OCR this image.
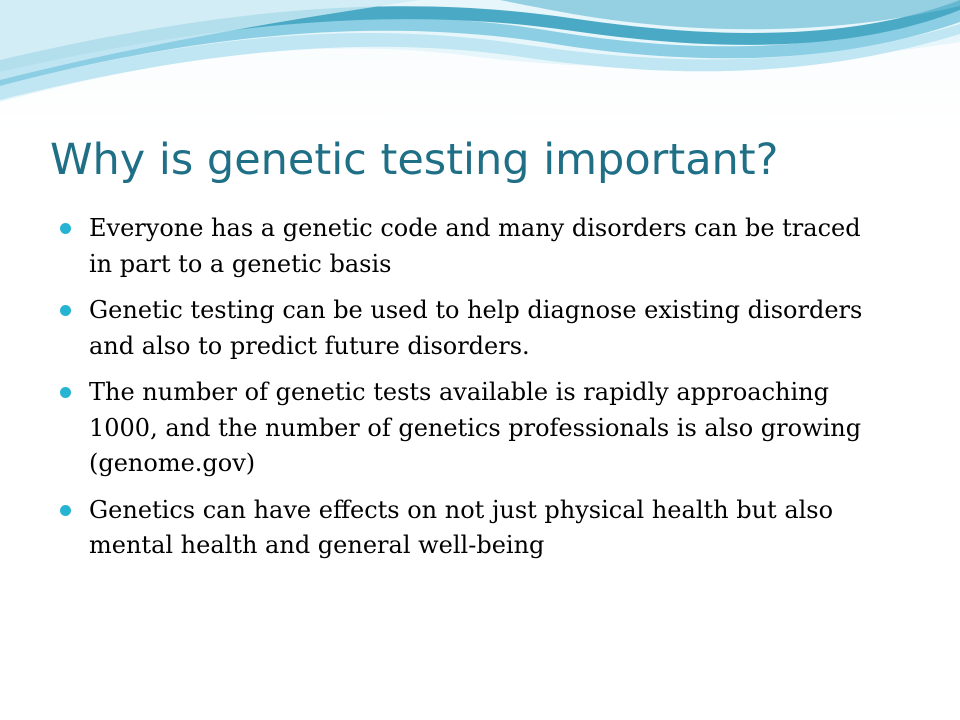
Why is genetic testing important?
Everyone has a genetic code and many disorders can be traced in part to a genetic basis
Genetic testing can be used to help diagnose existing disorders and also to predict future disorders.
The number of genetic tests available is rapidly approaching 1000, and the number of genetics professionals is also growing (genome.gov)
Genetics can have effects on not just physical health but also mental health and general well-being
